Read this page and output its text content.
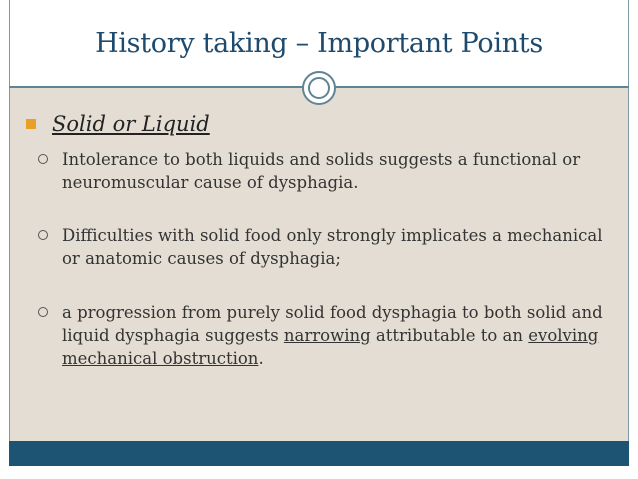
History taking – Important Points
Solid or Liquid
Intolerance to both liquids and solids suggests a functional or neuromuscular cause of dysphagia.
Difficulties with solid food only strongly implicates a mechanical or anatomic causes of dysphagia;
a progression from purely solid food dysphagia to both solid and liquid dysphagia suggests narrowing attributable to an evolving mechanical obstruction.
